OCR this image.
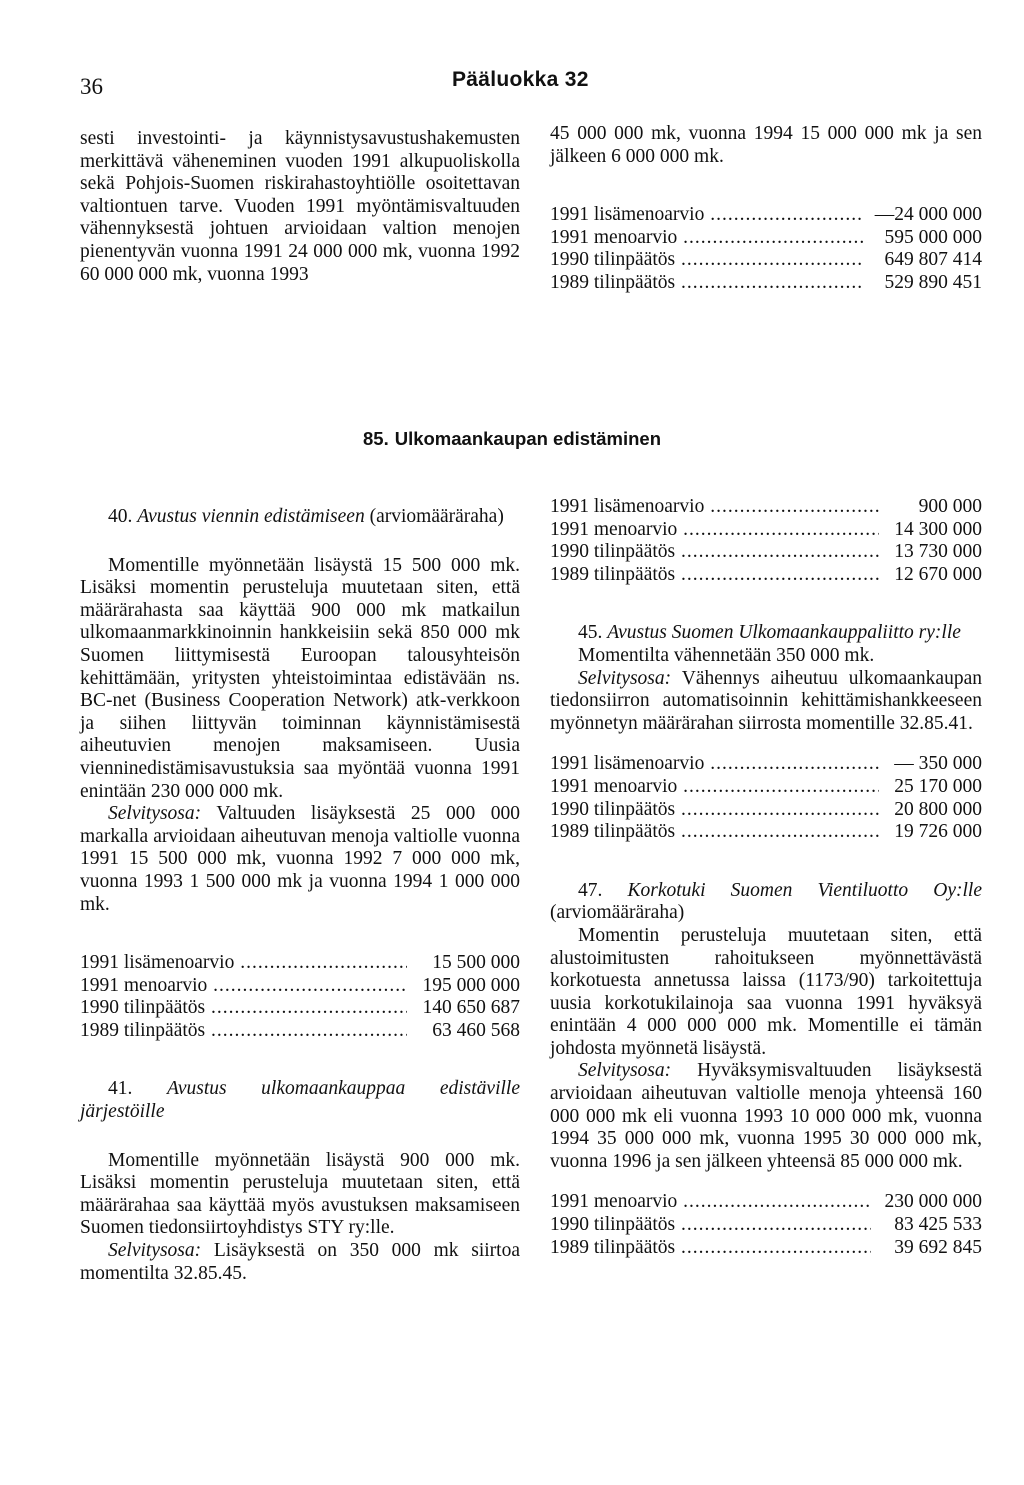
36	Pääluokka 32

sesti investointi- ja käynnistysavustushakemusten merkittävä väheneminen vuoden 1991 alkupuoliskolla sekä Pohjois-Suomen riskirahastoyhtiölle osoitettavan valtiontuen tarve. Vuoden 1991 myöntämisvaltuuden vähennyksestä johtuen arvioidaan valtion menojen pienentyvän vuonna 1991 24 000 000 mk, vuonna 1992 60 000 000 mk, vuonna 1993

45 000 000 mk, vuonna 1994 15 000 000 mk ja sen jälkeen 6 000 000 mk.

1991 lisämenoarvio .....	—24 000 000
1991 menoarvio .....	595 000 000
1990 tilinpäätös .....	649 807 414
1989 tilinpäätös .....	529 890 451
85. Ulkomaankaupan edistäminen

40. Avustus viennin edistämiseen (arviomääräraha)

Momentille myönnetään lisäystä 15 500 000 mk. Lisäksi momentin perusteluja muutetaan siten, että määrärahasta saa käyttää 900 000 mk matkailun ulkomaanmarkkinoinnin hankkeisiin sekä 850 000 mk Suomen liittymisestä Euroopan talousyhteisön kehittämään, yritysten yhteistoimintaa edistävään ns. BC-net (Business Cooperation Network) atk-verkkoon ja siihen liittyvän toiminnan käynnistämisestä aiheutuvien menojen maksamiseen. Uusia vienninedistämisavustuksia saa myöntää vuonna 1991 enintään 230 000 000 mk.

Selvitysosa: Valtuuden lisäyksestä 25 000 000 markalla arvioidaan aiheutuvan menoja valtiolle vuonna 1991 15 500 000 mk, vuonna 1992 7 000 000 mk, vuonna 1993 1 500 000 mk ja vuonna 1994 1 000 000 mk.

1991 lisämenoarvio .....	15 500 000
1991 menoarvio .....	195 000 000
1990 tilinpäätös .....	140 650 687
1989 tilinpäätös .....	63 460 568

41. Avustus ulkomaankauppaa edistäville järjestöille

Momentille myönnetään lisäystä 900 000 mk. Lisäksi momentin perusteluja muutetaan siten, että määrärahaa saa käyttää myös avustuksen maksamiseen Suomen tiedonsiirtoyhdistys STY ry:lle.

Selvitysosa: Lisäyksestä on 350 000 mk siirtoa momentilta 32.85.45.

1991 lisämenoarvio .....	900 000
1991 menoarvio .....	14 300 000
1990 tilinpäätös .....	13 730 000
1989 tilinpäätös .....	12 670 000

45. Avustus Suomen Ulkomaankauppaliitto ry:lle

Momentilta vähennetään 350 000 mk.

Selvitysosa: Vähennys aiheutuu ulkomaankaupan tiedonsiirron automatisoinnin kehittämishankkeeseen myönnetyn määrärahan siirrosta momentille 32.85.41.

1991 lisämenoarvio .....	— 350 000
1991 menoarvio .....	25 170 000
1990 tilinpäätös .....	20 800 000
1989 tilinpäätös .....	19 726 000

47. Korkotuki Suomen Vientiluotto Oy:lle (arviomääräraha)

Momentin perusteluja muutetaan siten, että alustoimitusten rahoitukseen myönnettävästä korkotuesta annetussa laissa (1173/90) tarkoitettuja uusia korkotukilainoja saa vuonna 1991 hyväksyä enintään 4 000 000 000 mk. Momentille ei tämän johdosta myönnetä lisäystä.

Selvitysosa: Hyväksymisvaltuuden lisäyksestä arvioidaan aiheutuvan valtiolle menoja yhteensä 160 000 000 mk eli vuonna 1993 10 000 000 mk, vuonna 1994 35 000 000 mk, vuonna 1995 30 000 000 mk, vuonna 1996 ja sen jälkeen yhteensä 85 000 000 mk.

1991 menoarvio .....	230 000 000
1990 tilinpäätös .....	83 425 533
1989 tilinpäätös .....	39 692 845
